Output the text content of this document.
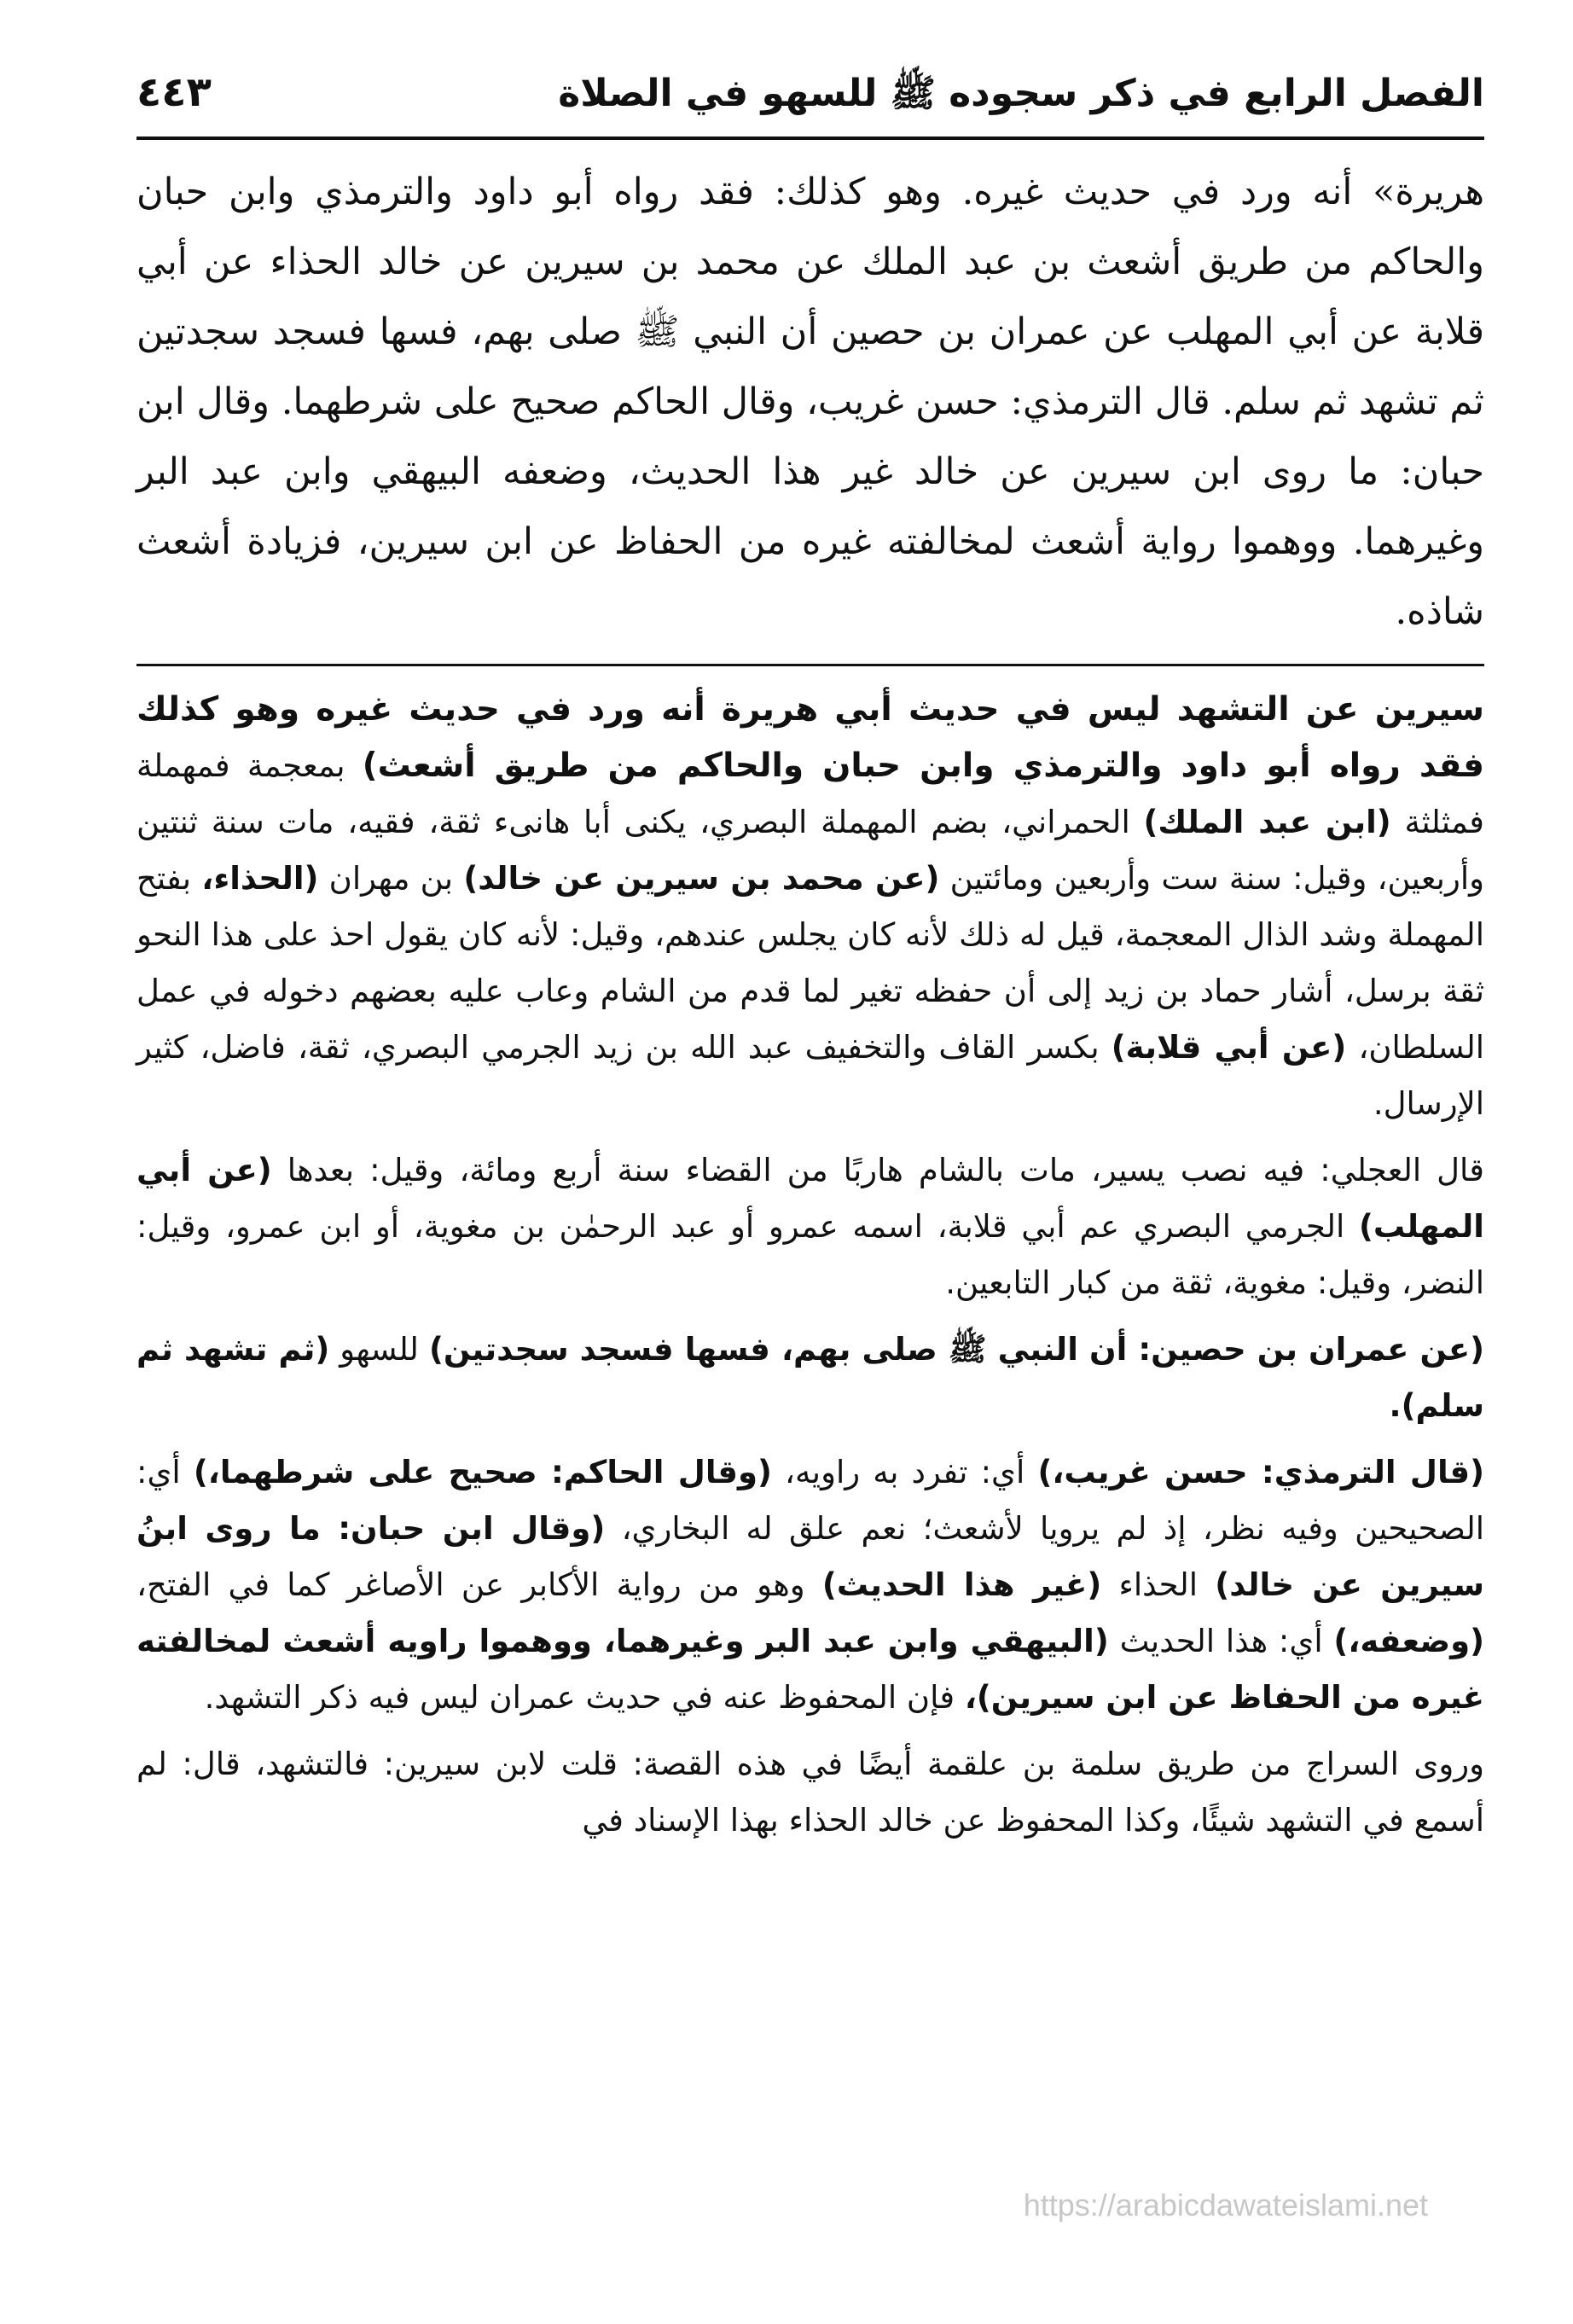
الفصل الرابع في ذكر سجوده ﷺ للسهو في الصلاة
٤٤٣
هريرة» أنه ورد في حديث غيره. وهو كذلك: فقد رواه أبو داود والترمذي وابن حبان والحاكم من طريق أشعث بن عبد الملك عن محمد بن سيرين عن خالد الحذاء عن أبي قلابة عن أبي المهلب عن عمران بن حصين أن النبي ﷺ صلى بهم، فسها فسجد سجدتين ثم تشهد ثم سلم. قال الترمذي: حسن غريب، وقال الحاكم صحيح على شرطهما. وقال ابن حبان: ما روى ابن سيرين عن خالد غير هذا الحديث، وضعفه البيهقي وابن عبد البر وغيرهما. ووهموا رواية أشعث لمخالفته غيره من الحفاظ عن ابن سيرين، فزيادة أشعث شاذه.

سيرين عن التشهد ليس في حديث أبي هريرة أنه ورد في حديث غيره وهو كذلك فقد رواه أبو داود والترمذي وابن حبان والحاكم من طريق أشعث) بمعجمة فمهملة فمثلثة (ابن عبد الملك) الحمراني، بضم المهملة البصري، يكنى أبا هانىء ثقة، فقيه، مات سنة ثنتين وأربعين، وقيل: سنة ست وأربعين ومائتين (عن محمد بن سيرين عن خالد) بن مهران (الحذاء، بفتح المهملة وشد الذال المعجمة، قيل له ذلك لأنه كان يجلس عندهم، وقيل: لأنه كان يقول احذ على هذا النحو ثقة برسل، أشار حماد بن زيد إلى أن حفظه تغير لما قدم من الشام وعاب عليه بعضهم دخوله في عمل السلطان، (عن أبي قلابة) بكسر القاف والتخفيف عبد الله بن زيد الجرمي البصري، ثقة، فاضل، كثير الإرسال.

قال العجلي: فيه نصب يسير، مات بالشام هاربًا من القضاء سنة أربع ومائة، وقيل: بعدها (عن أبي المهلب) الجرمي البصري عم أبي قلابة، اسمه عمرو أو عبد الرحمٰن بن مغوية، أو ابن عمرو، وقيل: النضر، وقيل: مغوية، ثقة من كبار التابعين.

(عن عمران بن حصين: أن النبي ﷺ صلى بهم، فسها فسجد سجدتين) للسهو (ثم تشهد ثم سلم).

(قال الترمذي: حسن غريب،) أي: تفرد به راويه، (وقال الحاكم: صحيح على شرطهما،) أي: الصحيحين وفيه نظر، إذ لم يرويا لأشعث؛ نعم علق له البخاري، (وقال ابن حبان: ما روى ابنُ سيرين عن خالد) الحذاء (غير هذا الحديث) وهو من رواية الأكابر عن الأصاغر كما في الفتح، (وضعفه،) أي: هذا الحديث (البيهقي وابن عبد البر وغيرهما، ووهموا راويه أشعث لمخالفته غيره من الحفاظ عن ابن سيرين)، فإن المحفوظ عنه في حديث عمران ليس فيه ذكر التشهد.

وروى السراج من طريق سلمة بن علقمة أيضًا في هذه القصة: قلت لابن سيرين: فالتشهد، قال: لم أسمع في التشهد شيئًا، وكذا المحفوظ عن خالد الحذاء بهذا الإسناد في

https://arabicdawateislami.net
